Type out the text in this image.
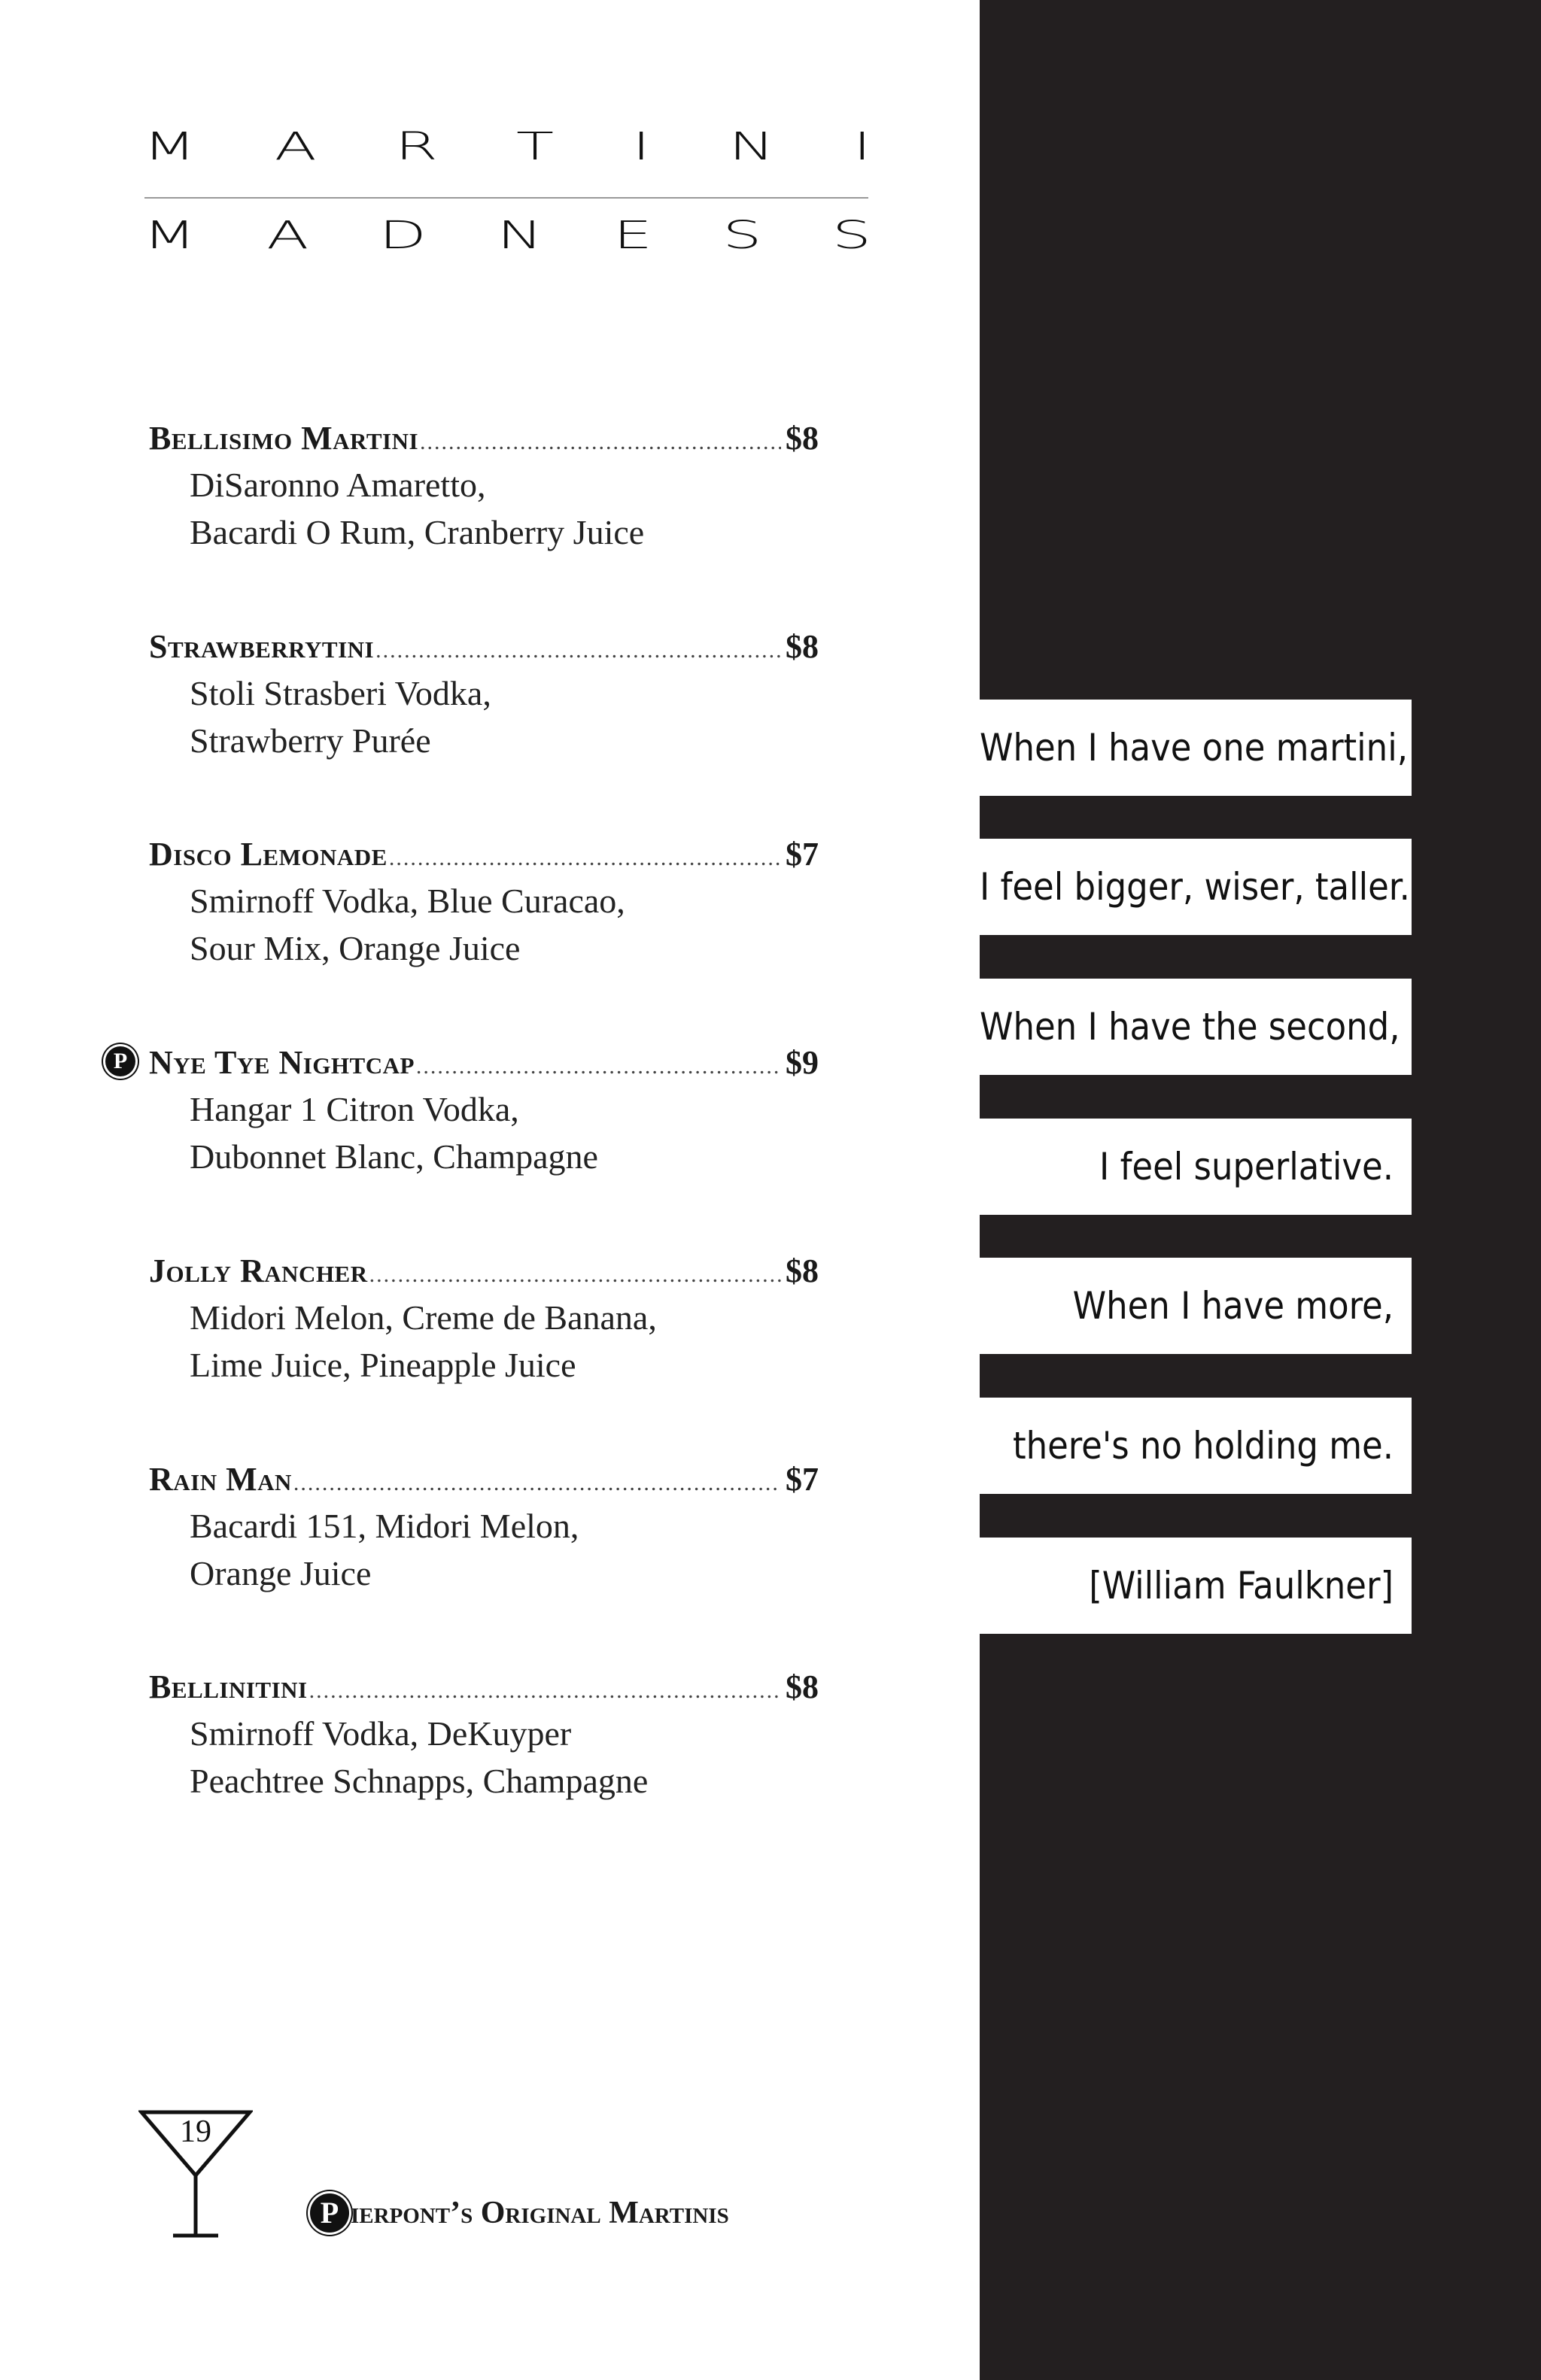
M A R T I N I
M A D N E S S
Bellisimo Martini .....	$8
DiSaronno Amaretto,
Bacardi O Rum, Cranberry Juice
Strawberrytini .....	$8
Stoli Strasberi Vodka,
Strawberry Purée
Disco Lemonade .....	$7
Smirnoff Vodka, Blue Curacao,
Sour Mix, Orange Juice
P Nye Tye Nightcap .....	$9
Hangar 1 Citron Vodka,
Dubonnet Blanc, Champagne
Jolly Rancher .....	$8
Midori Melon, Creme de Banana,
Lime Juice, Pineapple Juice
Rain Man .....	$7
Bacardi 151, Midori Melon,
Orange Juice
Bellinitini .....	$8
Smirnoff Vodka, DeKuyper
Peachtree Schnapps, Champagne
When I have one martini,
I feel bigger, wiser, taller.
When I have the second,
I feel superlative.
When I have more,
there's no holding me.
[William Faulkner]
19
P ierpont’s Original Martinis
